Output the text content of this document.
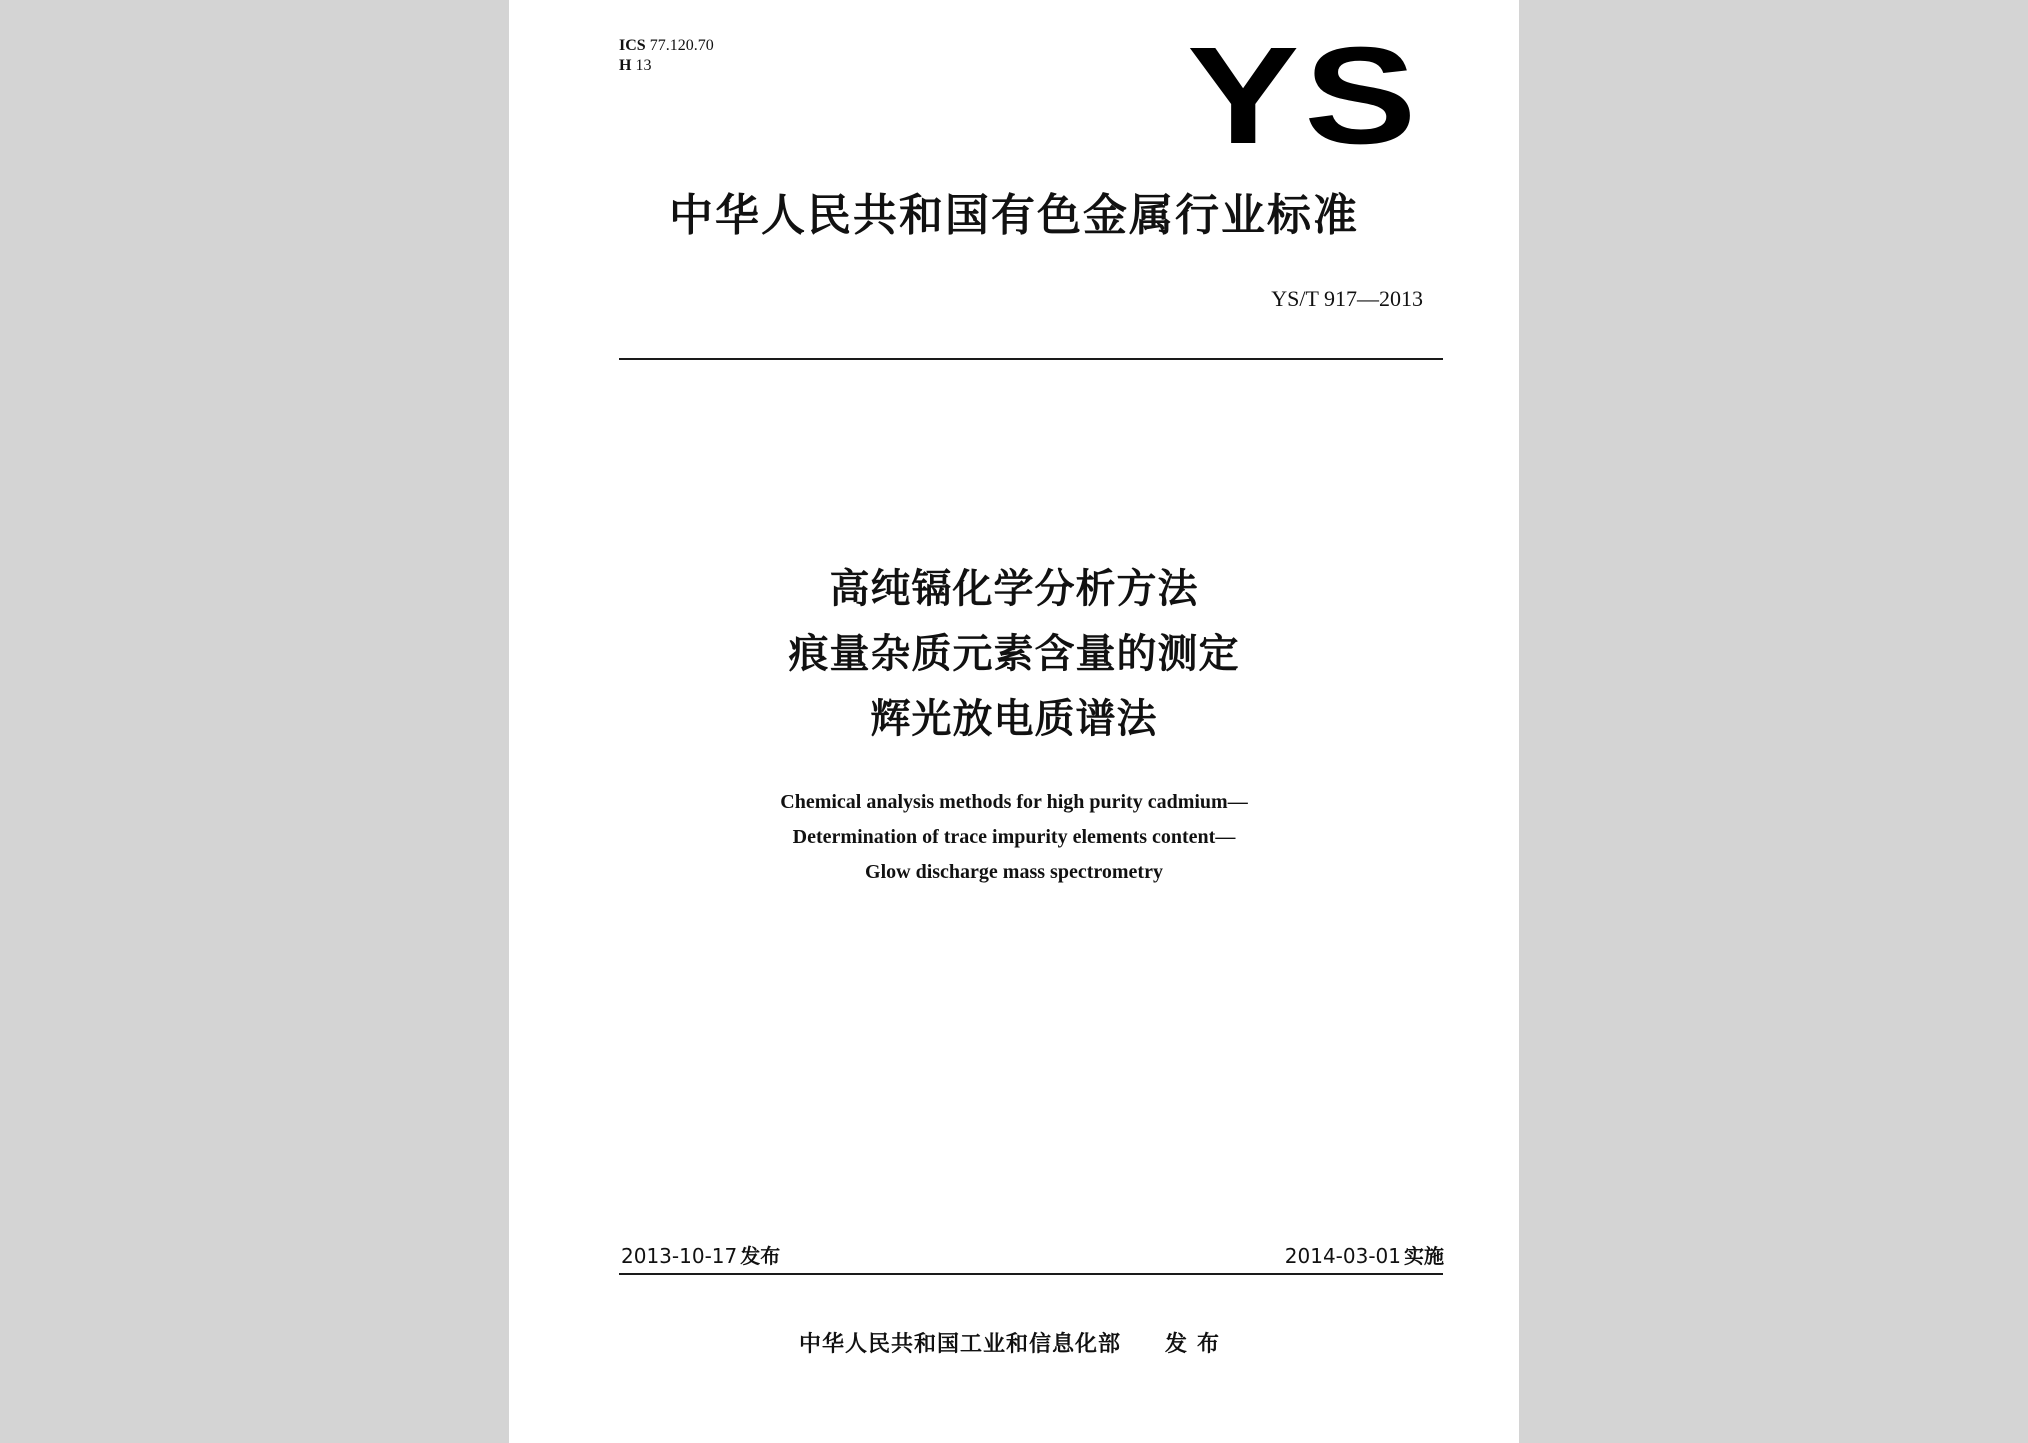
ICS 77.120.70
H 13	YS
中华人民共和国有色金属行业标准
YS/T 917—2013
高纯镉化学分析方法
痕量杂质元素含量的测定
辉光放电质谱法
Chemical analysis methods for high purity cadmium—
Determination of trace impurity elements content—
Glow discharge mass spectrometry
2013-10-17 发布	2014-03-01 实施
中华人民共和国工业和信息化部 发布
